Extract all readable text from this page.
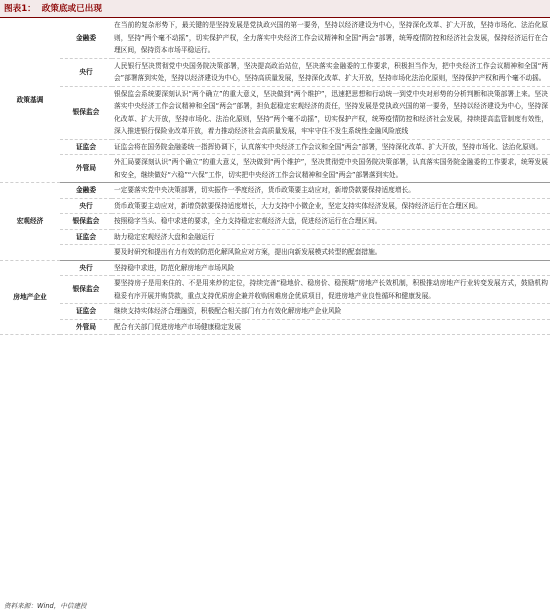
图表1： 政策底或已出现
政策基调	金融委	在当前的复杂形势下，最关键的是坚持发展是党执政兴国的第一要务，坚持以经济建设为中心，坚持深化改革、扩大开放，坚持市场化、法治化原则，坚持“两个毫不动摇”，切实保护产权，全力落实中央经济工作会议精神和全国“两会”部署，统筹疫情防控和经济社会发展，保持经济运行在合理区间，保持资本市场平稳运行。
	央行	人民银行坚决贯彻党中央国务院决策部署，坚决提高政治站位，坚决落实金融委的工作要求，积极担当作为，把中央经济工作会议精神和全国“两会”部署落到实处，坚持以经济建设为中心，坚持高质量发展，坚持深化改革、扩大开放，坚持市场化法治化原则，坚持保护产权和两个毫不动摇。
	银保监会	银保监会系统要深刻认识“两个确立”的重大意义，坚决做到“两个维护”，迅速把思想和行动统一到党中央对形势的分析判断和决策部署上来。坚决落实中央经济工作会议精神和全国“两会”部署，担负起稳定宏观经济的责任，坚持发展是党执政兴国的第一要务，坚持以经济建设为中心，坚持深化改革、扩大开放，坚持市场化、法治化原则，坚持“两个毫不动摇”，切实保护产权，统筹疫情防控和经济社会发展，持续提高监管制度有效性，深入推进银行保险业改革开放，着力推动经济社会高质量发展，牢牢守住不发生系统性金融风险底线
	证监会	证监会将在国务院金融委统一指挥协调下，认真落实中央经济工作会议和全国“两会”部署，坚持深化改革、扩大开放，坚持市场化、法治化原则。
	外管局	外汇局要深刻认识“两个确立”的重大意义，坚决做到“两个维护”，坚决贯彻党中央国务院决策部署，认真落实国务院金融委的工作要求，统筹发展和安全，继续做好“六稳”“六保”工作，切实把中央经济工作会议精神和全国“两会”部署落到实处。
宏观经济	金融委	一定要落实党中央决策部署，切实振作一季度经济，货币政策要主动应对，新增贷款要保持适度增长。
	央行	货币政策要主动应对，新增贷款要保持适度增长，大力支持中小微企业，坚定支持实体经济发展，保持经济运行在合理区间。
	银保监会	按照稳字当头、稳中求进的要求，全力支持稳定宏观经济大盘，促进经济运行在合理区间。
	证监会	助力稳定宏观经济大盘和金融运行
		要及时研究和提出有力有效的防范化解风险应对方案，提出向新发展模式转型的配套措施。
房地产企业	央行	坚持稳中求进，防范化解房地产市场风险
	银保监会	要坚持房子是用来住的、不是用来炒的定位，持续完善“稳地价、稳房价、稳预期”房地产长效机制，积极推动房地产行业转变发展方式，鼓励机构稳妥有序开展并购贷款，重点支持优质房企兼并收购困难房企优质项目，促进房地产业良性循环和健康发展。
	证监会	继续支持实体经济合理融资，积极配合相关部门有力有效化解房地产企业风险
	外管局	配合有关部门促进房地产市场健康稳定发展
资料来源：Wind，中信建投
